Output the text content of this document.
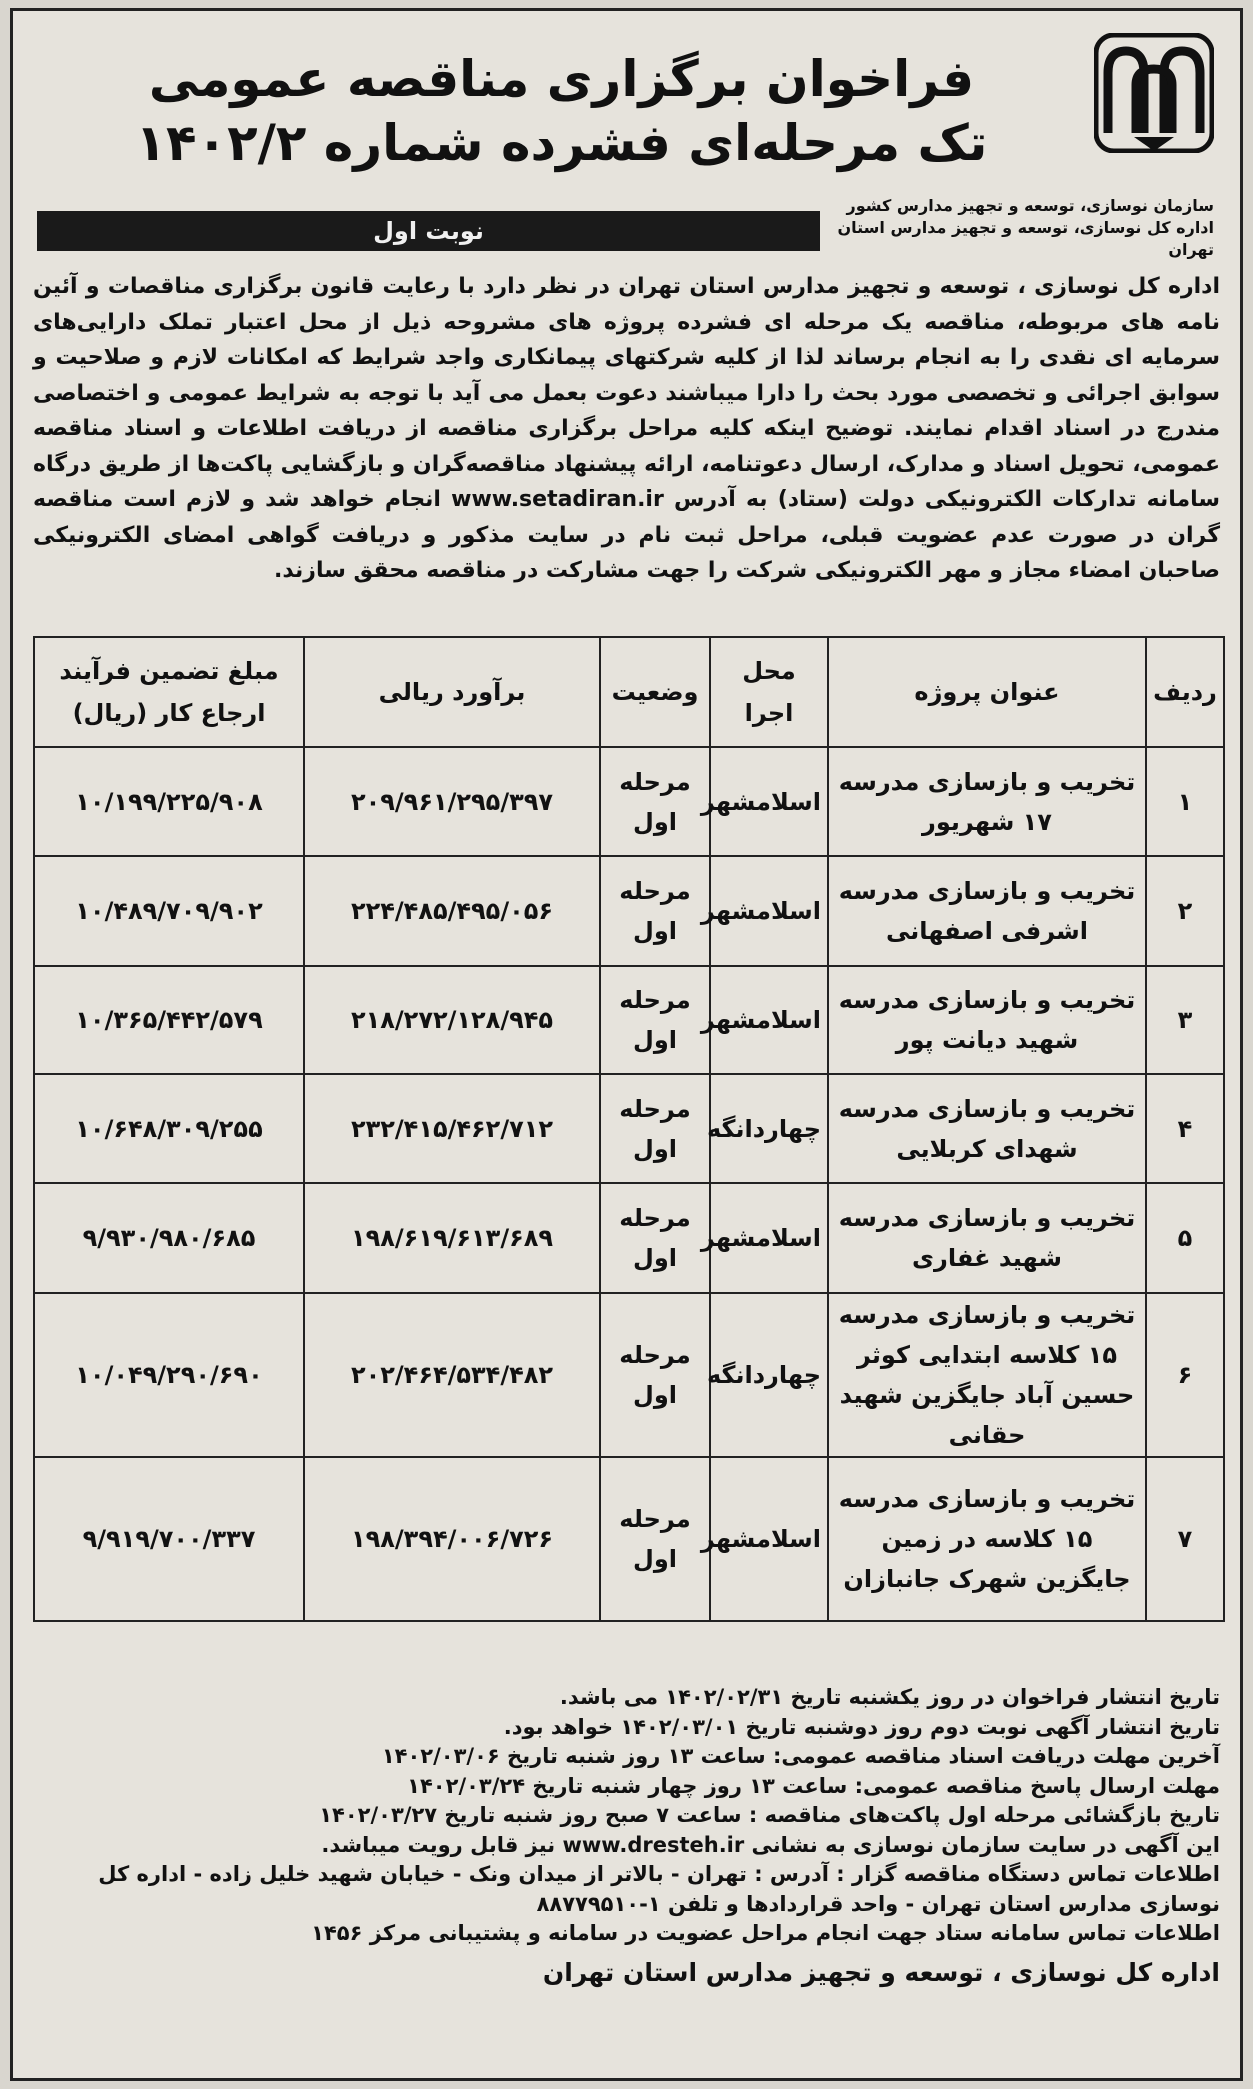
فراخوان برگزاری مناقصه عمومی
تک مرحله‌ای فشرده شماره ۱۴۰۲/۲
سازمان نوسازی، توسعه و تجهیز مدارس کشور
اداره کل نوسازی، توسعه و تجهیز مدارس استان تهران
نوبت اول
اداره کل نوسازی ، توسعه و تجهیز مدارس استان تهران در نظر دارد با رعایت قانون برگزاری مناقصات و آئین نامه های مربوطه، مناقصه یک مرحله ای فشرده پروژه های مشروحه ذیل از محل اعتبار تملک دارایی‌های سرمایه ای نقدی را به انجام برساند لذا از کلیه شرکتهای پیمانکاری واجد شرایط که امکانات لازم و صلاحیت و سوابق اجرائی و تخصصی مورد بحث را دارا میباشند دعوت بعمل می آید با توجه به شرایط عمومی و اختصاصی مندرج در اسناد اقدام نمایند. توضیح اینکه کلیه مراحل برگزاری مناقصه از دریافت اطلاعات و اسناد مناقصه عمومی، تحویل اسناد و مدارک، ارسال دعوتنامه، ارائه پیشنهاد مناقصه‌گران و بازگشایی پاکت‌ها از طریق درگاه سامانه تدارکات الکترونیکی دولت (ستاد) به آدرس www.setadiran.ir انجام خواهد شد و لازم است مناقصه گران در صورت عدم عضویت قبلی، مراحل ثبت نام در سایت مذکور و دریافت گواهی امضای الکترونیکی صاحبان امضاء مجاز و مهر الکترونیکی شرکت را جهت مشارکت در مناقصه محقق سازند.
ردیف	عنوان پروژه	محل اجرا	وضعیت	برآورد ریالی	مبلغ تضمین فرآیند ارجاع کار (ریال)
۱	تخریب و بازسازی مدرسه ۱۷ شهریور	اسلامشهر	مرحله اول	۲۰۹/۹۶۱/۲۹۵/۳۹۷	۱۰/۱۹۹/۲۲۵/۹۰۸
۲	تخریب و بازسازی مدرسه اشرفی اصفهانی	اسلامشهر	مرحله اول	۲۲۴/۴۸۵/۴۹۵/۰۵۶	۱۰/۴۸۹/۷۰۹/۹۰۲
۳	تخریب و بازسازی مدرسه شهید دیانت پور	اسلامشهر	مرحله اول	۲۱۸/۲۷۲/۱۲۸/۹۴۵	۱۰/۳۶۵/۴۴۲/۵۷۹
۴	تخریب و بازسازی مدرسه شهدای کربلایی	چهاردانگه	مرحله اول	۲۳۲/۴۱۵/۴۶۲/۷۱۲	۱۰/۶۴۸/۳۰۹/۲۵۵
۵	تخریب و بازسازی مدرسه شهید غفاری	اسلامشهر	مرحله اول	۱۹۸/۶۱۹/۶۱۳/۶۸۹	۹/۹۳۰/۹۸۰/۶۸۵
۶	تخریب و بازسازی مدرسه ۱۵ کلاسه ابتدایی کوثر حسین آباد جایگزین شهید حقانی	چهاردانگه	مرحله اول	۲۰۲/۴۶۴/۵۳۴/۴۸۲	۱۰/۰۴۹/۲۹۰/۶۹۰
۷	تخریب و بازسازی مدرسه ۱۵ کلاسه در زمین جایگزین شهرک جانبازان	اسلامشهر	مرحله اول	۱۹۸/۳۹۴/۰۰۶/۷۲۶	۹/۹۱۹/۷۰۰/۳۳۷

تاریخ انتشار فراخوان در روز یکشنبه تاریخ ۱۴۰۲/۰۲/۳۱ می باشد.

تاریخ انتشار آگهی نوبت دوم روز دوشنبه تاریخ ۱۴۰۲/۰۳/۰۱ خواهد بود.

آخرین مهلت دریافت اسناد مناقصه عمومی: ساعت ۱۳ روز شنبه تاریخ ۱۴۰۲/۰۳/۰۶

مهلت ارسال پاسخ مناقصه عمومی: ساعت ۱۳ روز چهار شنبه تاریخ ۱۴۰۲/۰۳/۲۴

تاریخ بازگشائی مرحله اول پاکت‌های مناقصه : ساعت ۷ صبح روز شنبه تاریخ ۱۴۰۲/۰۳/۲۷

این آگهی در سایت سازمان نوسازی به نشانی www.dresteh.ir نیز قابل رویت میباشد.

اطلاعات تماس دستگاه مناقصه گزار : آدرس : تهران - بالاتر از میدان ونک - خیابان شهید خلیل زاده - اداره کل نوسازی مدارس استان تهران - واحد قراردادها و تلفن ۱-۸۸۷۷۹۵۱۰

اطلاعات تماس سامانه ستاد جهت انجام مراحل عضویت در سامانه و پشتیبانی مرکز ۱۴۵۶

اداره کل نوسازی ، توسعه و تجهیز مدارس استان تهران
